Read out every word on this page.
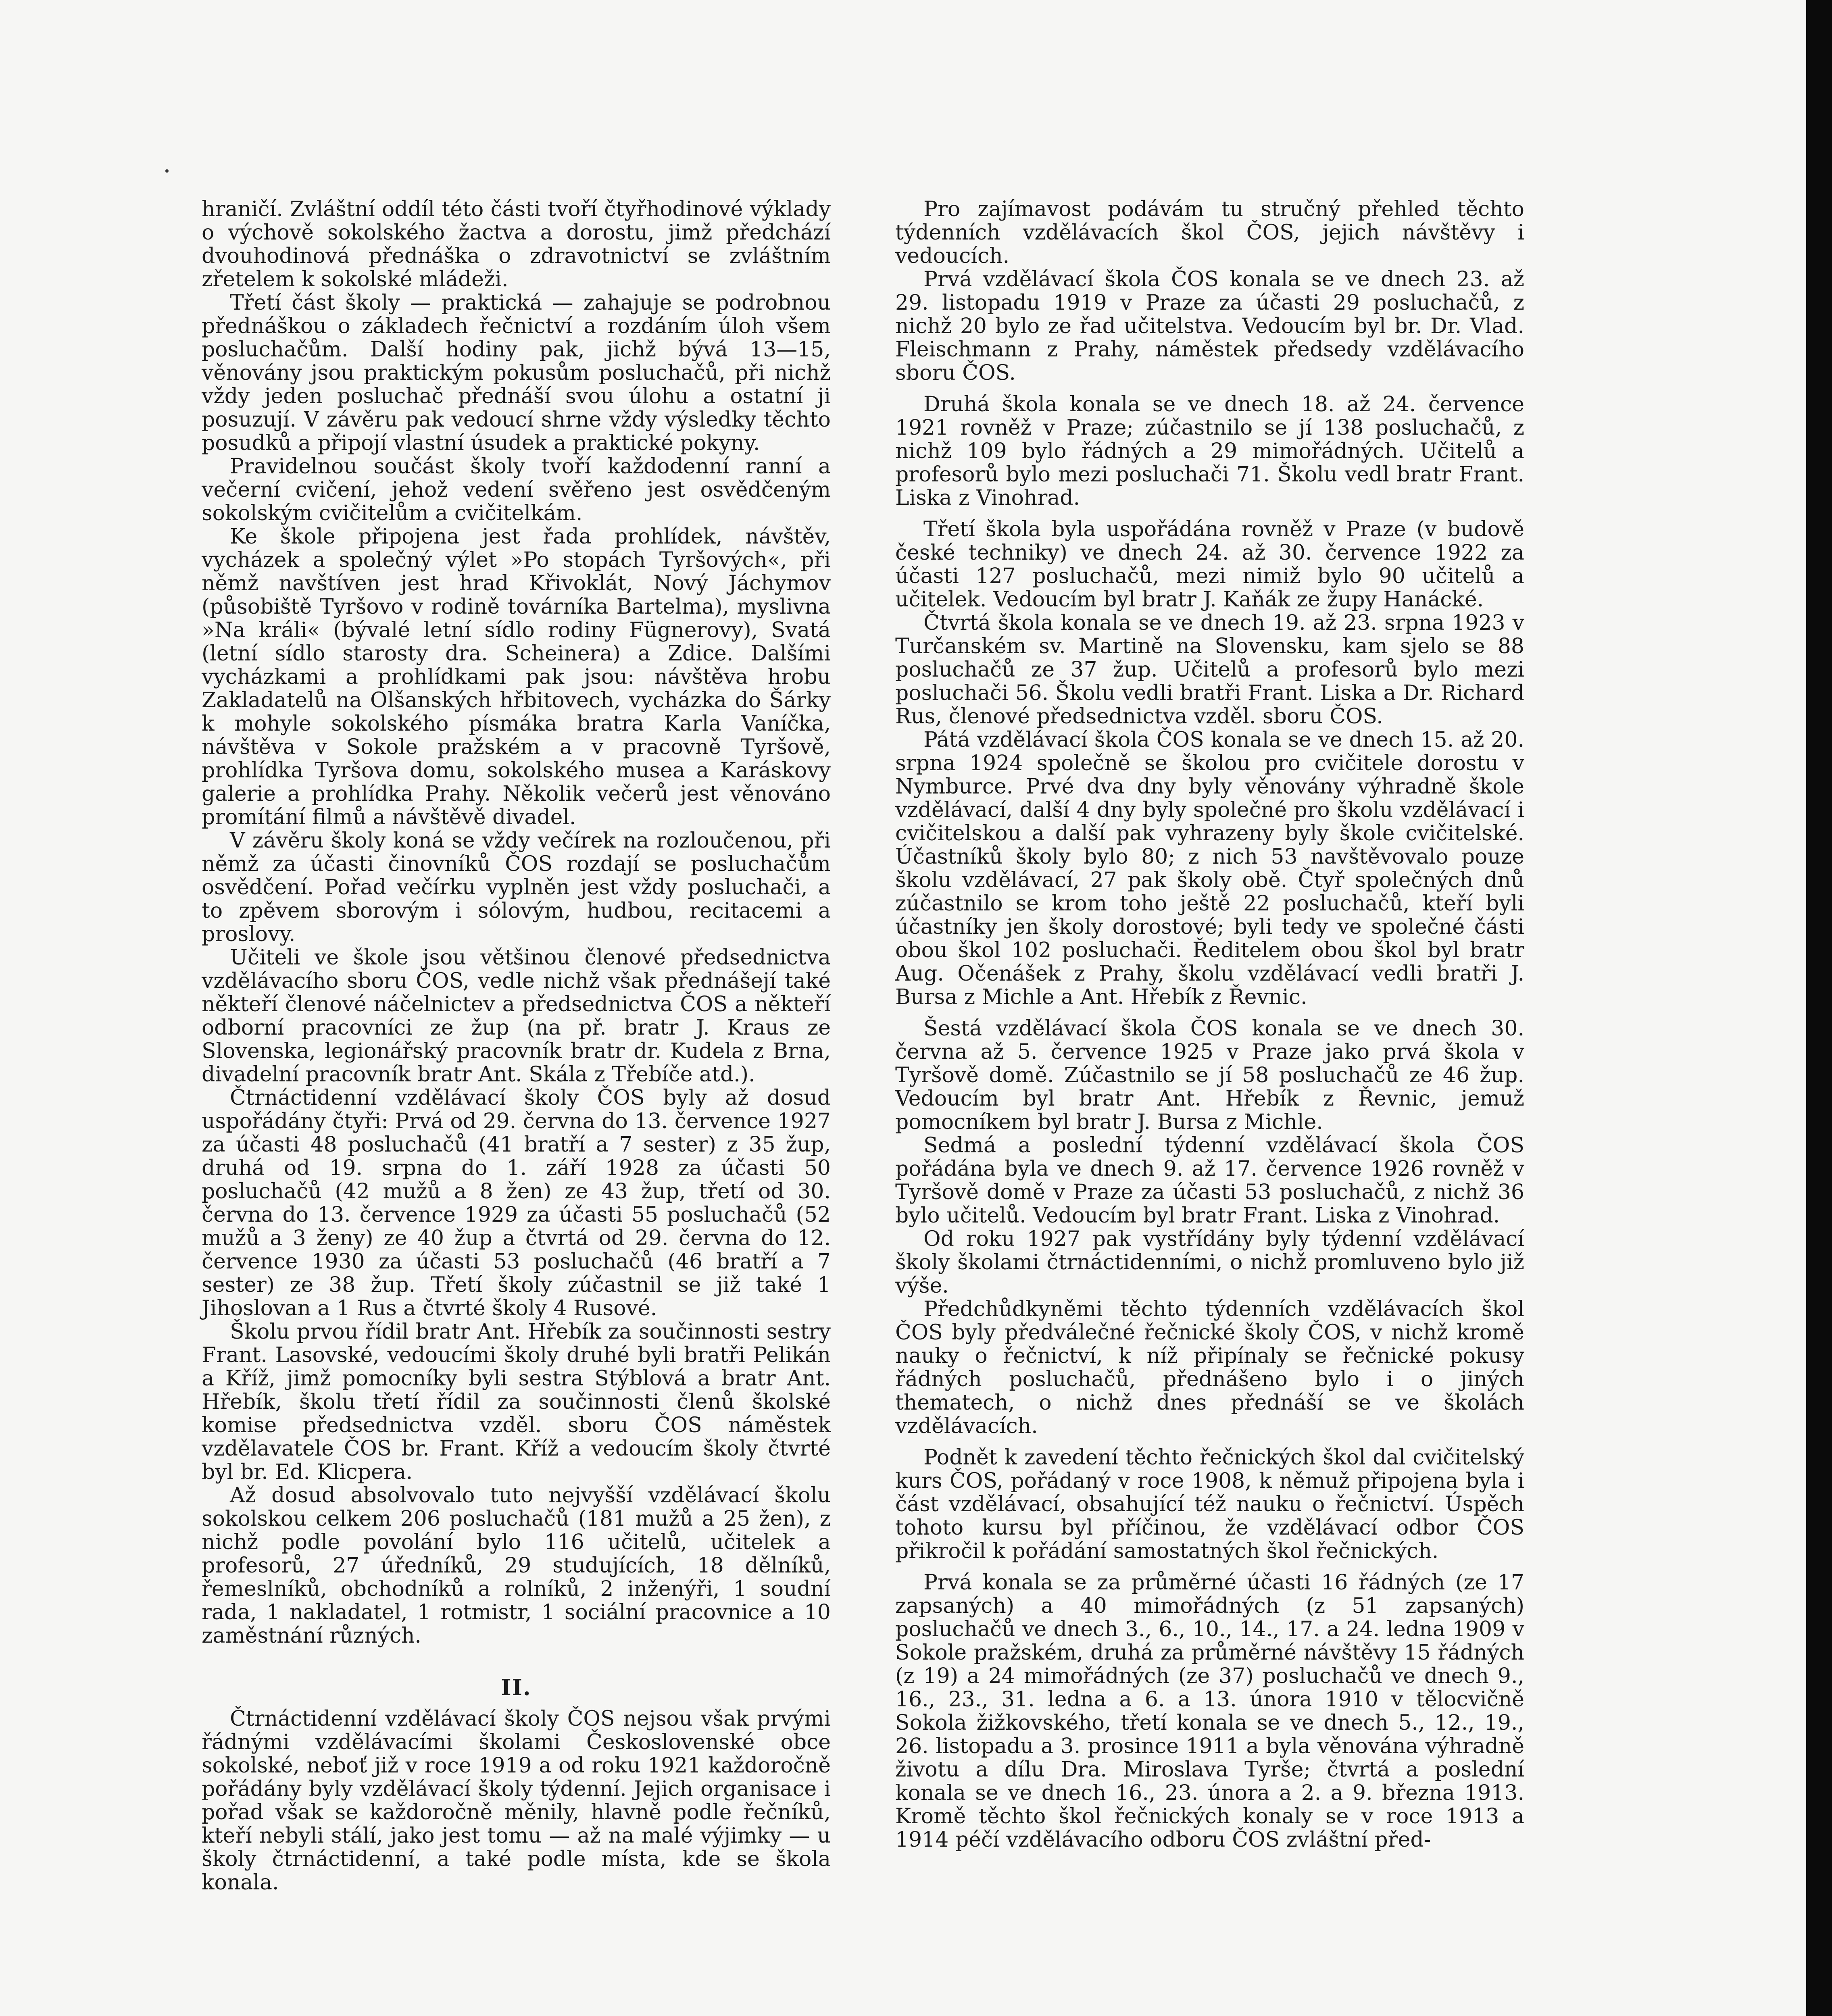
hraničí. Zvláštní oddíl této části tvoří čtyřhodinové výklady o výchově sokolského žactva a dorostu, jimž předchází dvouhodinová přednáška o zdravotnictví se zvláštním zřetelem k sokolské mládeži.

Třetí část školy — praktická — zahajuje se podrobnou přednáškou o základech řečnictví a rozdáním úloh všem posluchačům. Další hodiny pak, jichž bývá 13—15, věnovány jsou praktickým pokusům posluchačů, při nichž vždy jeden posluchač přednáší svou úlohu a ostatní ji posuzují. V závěru pak vedoucí shrne vždy výsledky těchto posudků a připojí vlastní úsudek a praktické pokyny.

Pravidelnou součást školy tvoří každodenní ranní a večerní cvičení, jehož vedení svěřeno jest osvědčeným sokolským cvičitelům a cvičitelkám.

Ke škole připojena jest řada prohlídek, návštěv, vycházek a společný výlet »Po stopách Tyršových«, při němž navštíven jest hrad Křivoklát, Nový Jáchymov (působiště Tyršovo v rodině továrníka Bartelma), myslivna »Na králi« (bývalé letní sídlo rodiny Fügnerovy), Svatá (letní sídlo starosty dra. Scheinera) a Zdice. Dalšími vycházkami a prohlídkami pak jsou: návštěva hrobu Zakladatelů na Olšanských hřbitovech, vycházka do Šárky k mohyle sokolského písmáka bratra Karla Vaníčka, návštěva v Sokole pražském a v pracovně Tyršově, prohlídka Tyršova domu, sokolského musea a Karáskovy galerie a prohlídka Prahy. Několik večerů jest věnováno promítání filmů a návštěvě divadel.

V závěru školy koná se vždy večírek na rozloučenou, při němž za účasti činovníků ČOS rozdají se posluchačům osvědčení. Pořad večírku vyplněn jest vždy posluchači, a to zpěvem sborovým i sólovým, hudbou, recitacemi a proslovy.

Učiteli ve škole jsou většinou členové předsednictva vzdělávacího sboru ČOS, vedle nichž však přednášejí také někteří členové náčelnictev a předsednictva ČOS a někteří odborní pracovníci ze žup (na př. bratr J. Kraus ze Slovenska, legionářský pracovník bratr dr. Kudela z Brna, divadelní pracovník bratr Ant. Skála z Třebíče atd.).

Čtrnáctidenní vzdělávací školy ČOS byly až dosud uspořádány čtyři: Prvá od 29. června do 13. července 1927 za účasti 48 posluchačů (41 bratří a 7 sester) z 35 žup, druhá od 19. srpna do 1. září 1928 za účasti 50 posluchačů (42 mužů a 8 žen) ze 43 žup, třetí od 30. června do 13. července 1929 za účasti 55 posluchačů (52 mužů a 3 ženy) ze 40 žup a čtvrtá od 29. června do 12. července 1930 za účasti 53 posluchačů (46 bratří a 7 sester) ze 38 žup. Třetí školy zúčastnil se již také 1 Jihoslovan a 1 Rus a čtvrté školy 4 Rusové.

Školu prvou řídil bratr Ant. Hřebík za součinnosti sestry Frant. Lasovské, vedoucími školy druhé byli bratři Pelikán a Kříž, jimž pomocníky byli sestra Stýblová a bratr Ant. Hřebík, školu třetí řídil za součinnosti členů školské komise předsednictva vzděl. sboru ČOS náměstek vzdělavatele ČOS br. Frant. Kříž a vedoucím školy čtvrté byl br. Ed. Klicpera.

Až dosud absolvovalo tuto nejvyšší vzdělávací školu sokolskou celkem 206 posluchačů (181 mužů a 25 žen), z nichž podle povolání bylo 116 učitelů, učitelek a profesorů, 27 úředníků, 29 studujících, 18 dělníků, řemeslníků, obchodníků a rolníků, 2 inženýři, 1 soudní rada, 1 nakladatel, 1 rotmistr, 1 sociální pracovnice a 10 zaměstnání různých.

II.

Čtrnáctidenní vzdělávací školy ČOS nejsou však prvými řádnými vzdělávacími školami Československé obce sokolské, neboť již v roce 1919 a od roku 1921 každoročně pořádány byly vzdělávací školy týdenní. Jejich organisace i pořad však se každoročně měnily, hlavně podle řečníků, kteří nebyli stálí, jako jest tomu — až na malé výjimky — u školy čtrnáctidenní, a také podle místa, kde se škola konala.

Pro zajímavost podávám tu stručný přehled těchto týdenních vzdělávacích škol ČOS, jejich návštěvy i vedoucích.

Prvá vzdělávací škola ČOS konala se ve dnech 23. až 29. listopadu 1919 v Praze za účasti 29 posluchačů, z nichž 20 bylo ze řad učitelstva. Vedoucím byl br. Dr. Vlad. Fleischmann z Prahy, náměstek předsedy vzdělávacího sboru ČOS.

Druhá škola konala se ve dnech 18. až 24. července 1921 rovněž v Praze; zúčastnilo se jí 138 posluchačů, z nichž 109 bylo řádných a 29 mimořádných. Učitelů a profesorů bylo mezi posluchači 71. Školu vedl bratr Frant. Liska z Vinohrad.

Třetí škola byla uspořádána rovněž v Praze (v budově české techniky) ve dnech 24. až 30. července 1922 za účasti 127 posluchačů, mezi nimiž bylo 90 učitelů a učitelek. Vedoucím byl bratr J. Kaňák ze župy Hanácké.

Čtvrtá škola konala se ve dnech 19. až 23. srpna 1923 v Turčanském sv. Martině na Slovensku, kam sjelo se 88 posluchačů ze 37 žup. Učitelů a profesorů bylo mezi posluchači 56. Školu vedli bratři Frant. Liska a Dr. Richard Rus, členové předsednictva vzděl. sboru ČOS.

Pátá vzdělávací škola ČOS konala se ve dnech 15. až 20. srpna 1924 společně se školou pro cvičitele dorostu v Nymburce. Prvé dva dny byly věnovány výhradně škole vzdělávací, další 4 dny byly společné pro školu vzdělávací i cvičitelskou a další pak vyhrazeny byly škole cvičitelské. Účastníků školy bylo 80; z nich 53 navštěvovalo pouze školu vzdělávací, 27 pak školy obě. Čtyř společných dnů zúčastnilo se krom toho ještě 22 posluchačů, kteří byli účastníky jen školy dorostové; byli tedy ve společné části obou škol 102 posluchači. Ředitelem obou škol byl bratr Aug. Očenášek z Prahy, školu vzdělávací vedli bratři J. Bursa z Michle a Ant. Hřebík z Řevnic.

Šestá vzdělávací škola ČOS konala se ve dnech 30. června až 5. července 1925 v Praze jako prvá škola v Tyršově domě. Zúčastnilo se jí 58 posluchačů ze 46 žup. Vedoucím byl bratr Ant. Hřebík z Řevnic, jemuž pomocníkem byl bratr J. Bursa z Michle.

Sedmá a poslední týdenní vzdělávací škola ČOS pořádána byla ve dnech 9. až 17. července 1926 rovněž v Tyršově domě v Praze za účasti 53 posluchačů, z nichž 36 bylo učitelů. Vedoucím byl bratr Frant. Liska z Vinohrad.

Od roku 1927 pak vystřídány byly týdenní vzdělávací školy školami čtrnáctidenními, o nichž promluveno bylo již výše.

Předchůdkyněmi těchto týdenních vzdělávacích škol ČOS byly předválečné řečnické školy ČOS, v nichž kromě nauky o řečnictví, k níž připínaly se řečnické pokusy řádných posluchačů, přednášeno bylo i o jiných thematech, o nichž dnes přednáší se ve školách vzdělávacích.

Podnět k zavedení těchto řečnických škol dal cvičitelský kurs ČOS, pořádaný v roce 1908, k němuž připojena byla i část vzdělávací, obsahující též nauku o řečnictví. Úspěch tohoto kursu byl příčinou, že vzdělávací odbor ČOS přikročil k pořádání samostatných škol řečnických.

Prvá konala se za průměrné účasti 16 řádných (ze 17 zapsaných) a 40 mimořádných (z 51 zapsaných) posluchačů ve dnech 3., 6., 10., 14., 17. a 24. ledna 1909 v Sokole pražském, druhá za průměrné návštěvy 15 řádných (z 19) a 24 mimořádných (ze 37) posluchačů ve dnech 9., 16., 23., 31. ledna a 6. a 13. února 1910 v tělocvičně Sokola žižkovského, třetí konala se ve dnech 5., 12., 19., 26. listopadu a 3. prosince 1911 a byla věnována výhradně životu a dílu Dra. Miroslava Tyrše; čtvrtá a poslední konala se ve dnech 16., 23. února a 2. a 9. března 1913. Kromě těchto škol řečnických konaly se v roce 1913 a 1914 péčí vzdělávacího odboru ČOS zvláštní před-
